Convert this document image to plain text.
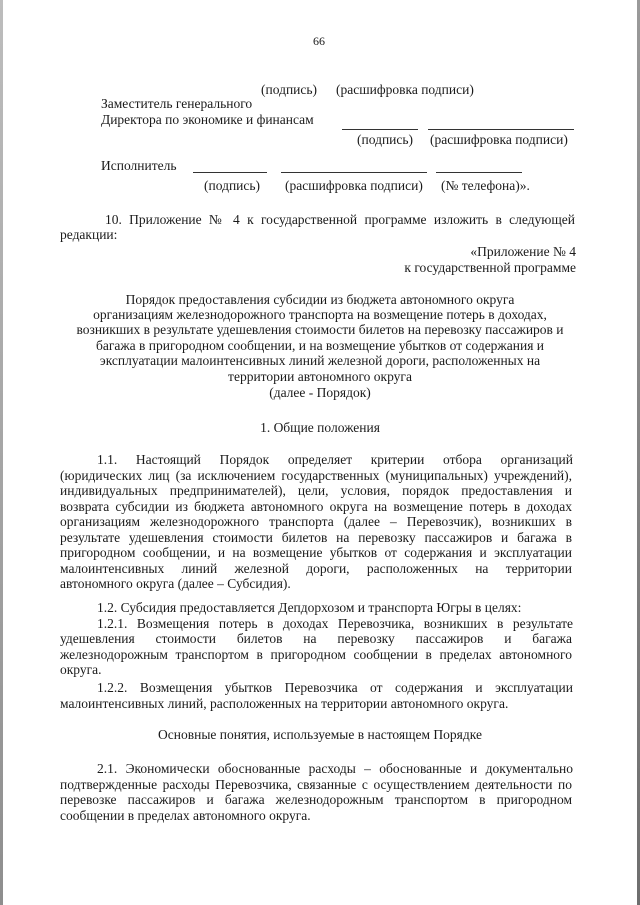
66
(подпись) (расшифровка подписи)
Заместитель генерального
Директора по экономике и финансам
(подпись) (расшифровка подписи)
Исполнитель
(подпись) (расшифровка подписи) (№ телефона)».
10. Приложение № 4 к государственной программе изложить в следующей
редакции:
«Приложение № 4
к государственной программе
Порядок предоставления субсидии из бюджета автономного округа
организациям железнодорожного транспорта на возмещение потерь в доходах,
возникших в результате удешевления стоимости билетов на перевозку пассажиров и
багажа в пригородном сообщении, и на возмещение убытков от содержания и
эксплуатации малоинтенсивных линий железной дороги, расположенных на
территории автономного округа
(далее - Порядок)
1. Общие положения
1.1. Настоящий Порядок определяет критерии отбора организаций
(юридических лиц (за исключением государственных (муниципальных) учреждений),
индивидуальных предпринимателей), цели, условия, порядок предоставления и
возврата субсидии из бюджета автономного округа на возмещение потерь в доходах
организациям железнодорожного транспорта (далее – Перевозчик), возникших в
результате удешевления стоимости билетов на перевозку пассажиров и багажа в
пригородном сообщении, и на возмещение убытков от содержания и эксплуатации
малоинтенсивных линий железной дороги, расположенных на территории
автономного округа (далее – Субсидия).
1.2. Субсидия предоставляется Депдорхозом и транспорта Югры в целях:
1.2.1. Возмещения потерь в доходах Перевозчика, возникших в результате
удешевления стоимости билетов на перевозку пассажиров и багажа
железнодорожным транспортом в пригородном сообщении в пределах автономного
округа.
1.2.2. Возмещения убытков Перевозчика от содержания и эксплуатации
малоинтенсивных линий, расположенных на территории автономного округа.
Основные понятия, используемые в настоящем Порядке
2.1. Экономически обоснованные расходы – обоснованные и документально
подтвержденные расходы Перевозчика, связанные с осуществлением деятельности по
перевозке пассажиров и багажа железнодорожным транспортом в пригородном
сообщении в пределах автономного округа.
